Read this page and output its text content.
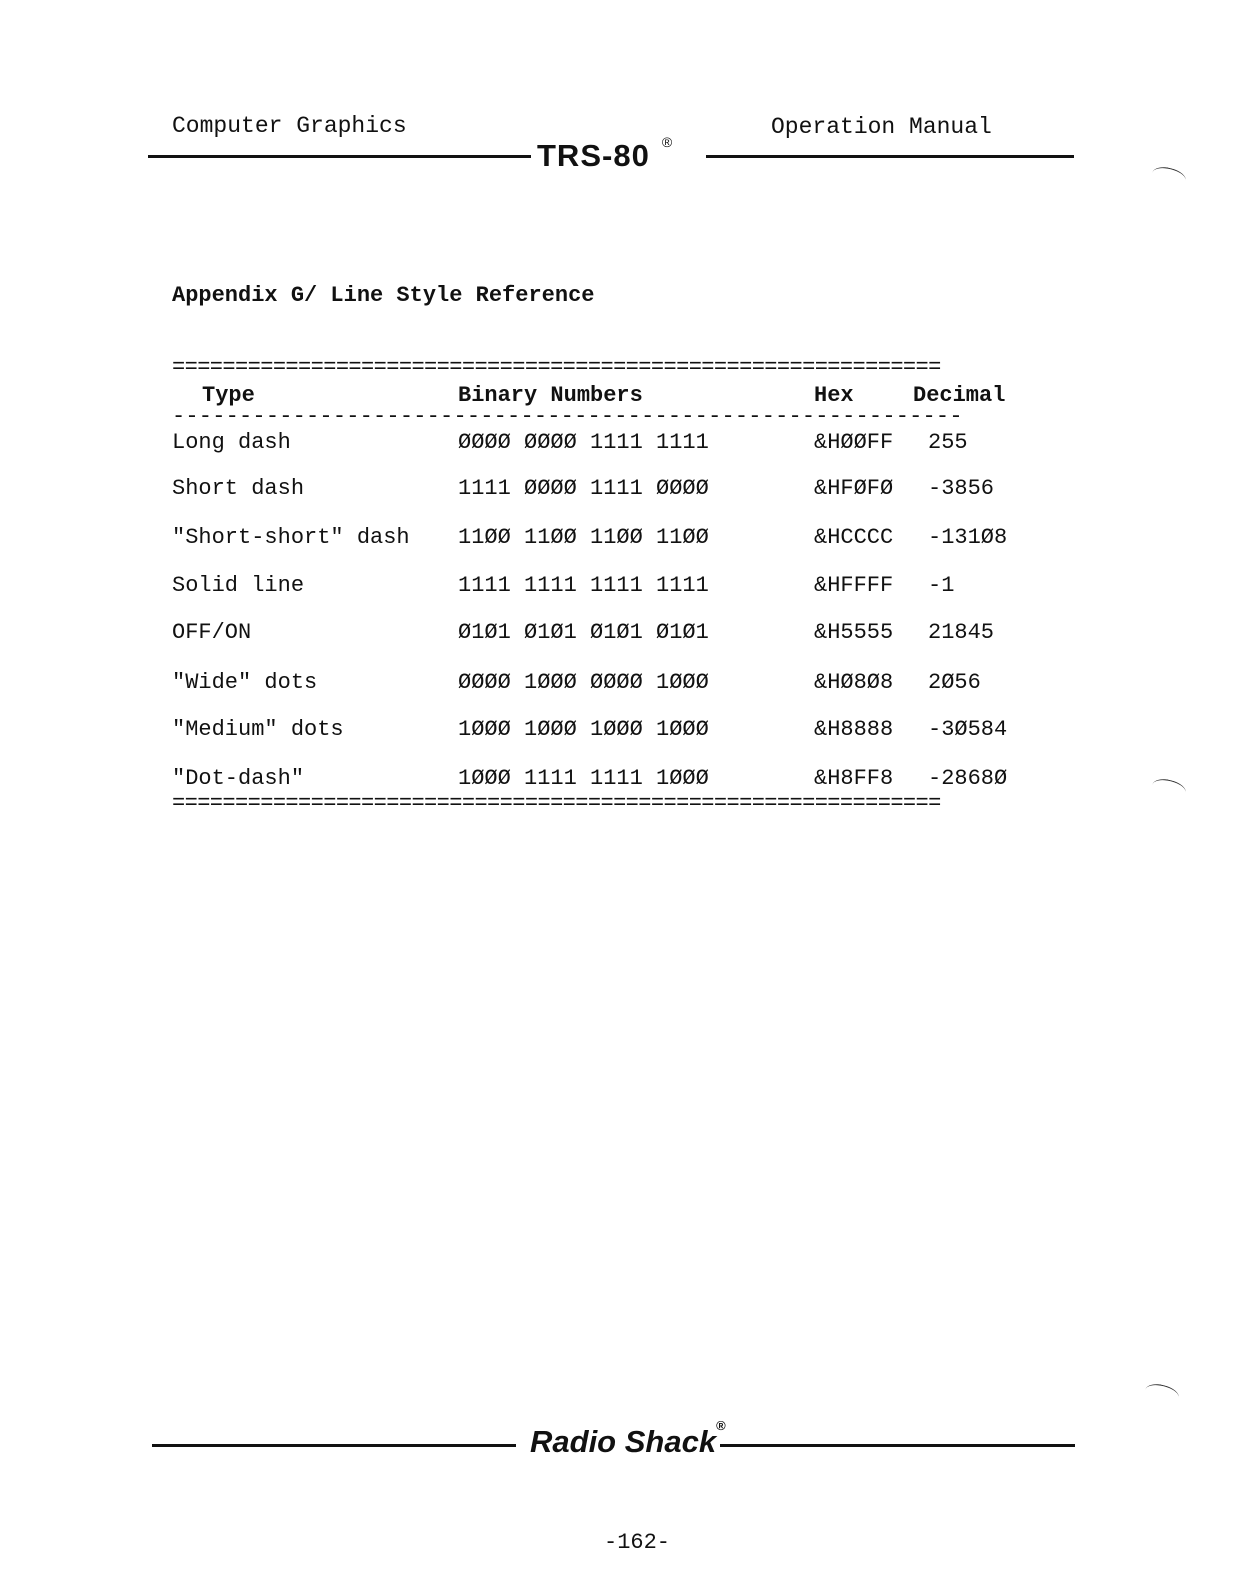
Computer Graphics	Operation Manual
TRS-80 ®
Appendix G/ Line Style Reference
=============================================================
Type	Binary Numbers	Hex	Decimal
-----------------------------------------------------------
Long dash	ØØØØ ØØØØ 1111 1111	&HØØFF 255
Short dash	1111 ØØØØ 1111 ØØØØ	&HFØFØ -3856
"Short-short" dash 11ØØ 11ØØ 11ØØ 11ØØ	&HCCCC -131Ø8
Solid line	1111 1111 1111 1111	&HFFFF -1
OFF/ON	Ø1Ø1 Ø1Ø1 Ø1Ø1 Ø1Ø1	&H5555 21845
"Wide" dots	ØØØØ 1ØØØ ØØØØ 1ØØØ	&HØ8Ø8 2Ø56
"Medium" dots	1ØØØ 1ØØØ 1ØØØ 1ØØØ	&H8888 -3Ø584
"Dot-dash"	1ØØØ 1111 1111 1ØØØ	&H8FF8 -2868Ø
=============================================================
Radio Shack®
-162-
